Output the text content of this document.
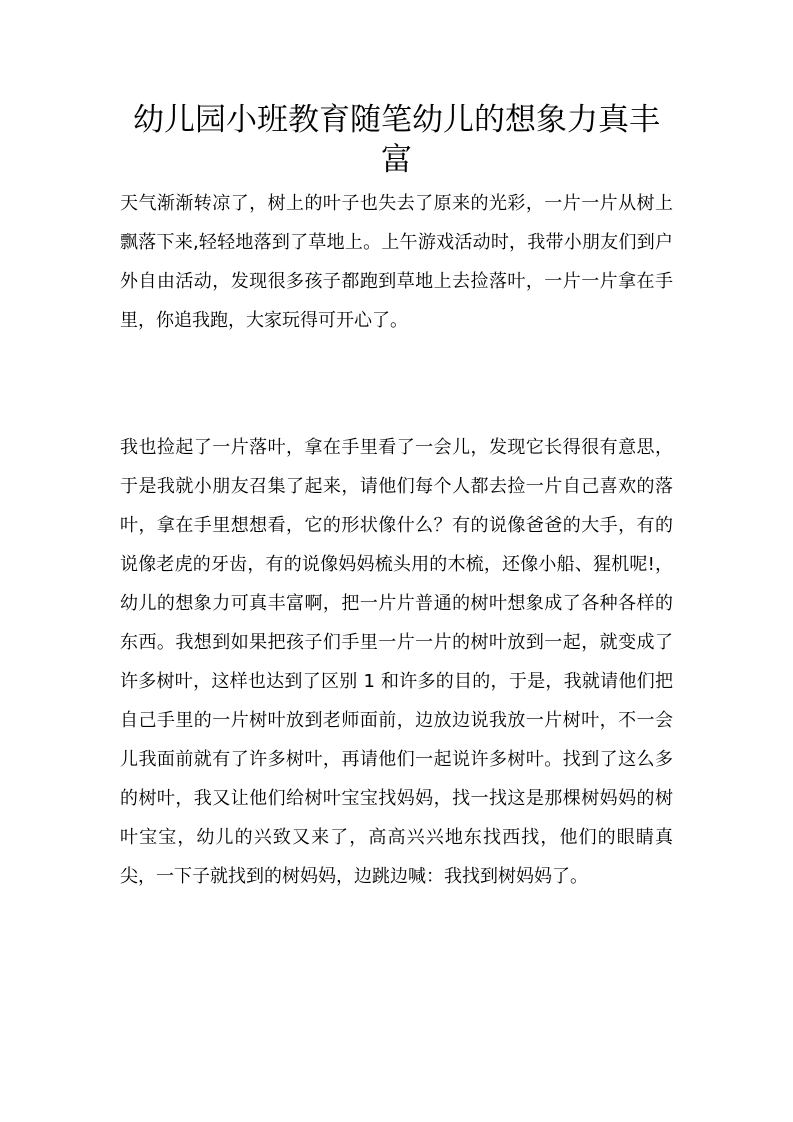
幼儿园小班教育随笔幼儿的想象力真丰富

天气渐渐转凉了，树上的叶子也失去了原来的光彩，一片一片从树上飘落下来,轻轻地落到了草地上。上午游戏活动时，我带小朋友们到户外自由活动，发现很多孩子都跑到草地上去捡落叶，一片一片拿在手里，你追我跑，大家玩得可开心了。

我也捡起了一片落叶，拿在手里看了一会儿，发现它长得很有意思，于是我就小朋友召集了起来，请他们每个人都去捡一片自己喜欢的落叶，拿在手里想想看，它的形状像什么？有的说像爸爸的大手，有的说像老虎的牙齿，有的说像妈妈梳头用的木梳，还像小船、猩机呢!，幼儿的想象力可真丰富啊，把一片片普通的树叶想象成了各种各样的东西。我想到如果把孩子们手里一片一片的树叶放到一起，就变成了许多树叶，这样也达到了区别 1 和许多的目的，于是，我就请他们把自己手里的一片树叶放到老师面前，边放边说我放一片树叶，不一会儿我面前就有了许多树叶，再请他们一起说许多树叶。找到了这么多的树叶，我又让他们给树叶宝宝找妈妈，找一找这是那棵树妈妈的树叶宝宝，幼儿的兴致又来了，高高兴兴地东找西找，他们的眼睛真尖，一下子就找到的树妈妈，边跳边喊：我找到树妈妈了。
